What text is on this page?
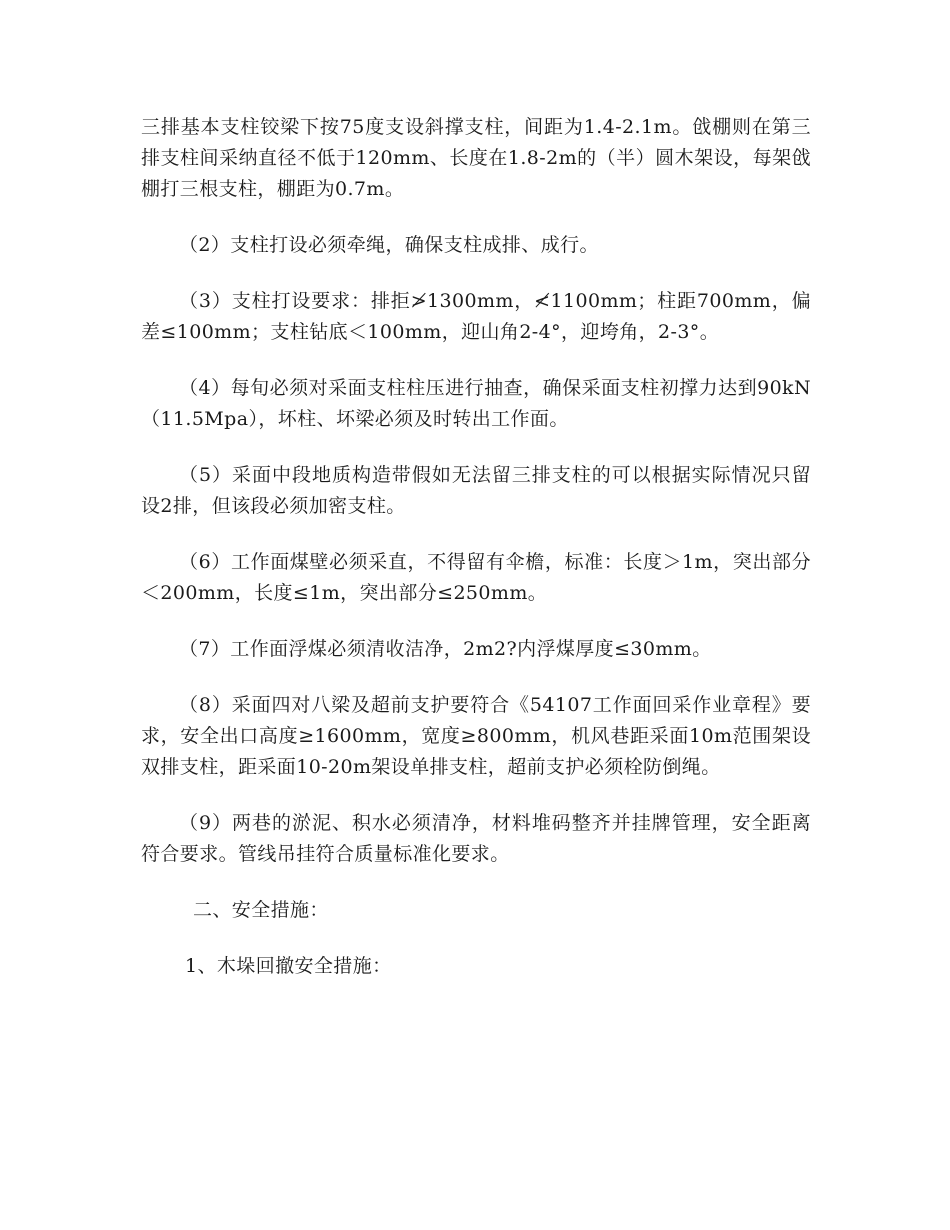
三排基本支柱铰梁下按75度支设斜撑支柱，间距为1.4-2.1m。戗棚则在第三排支柱间采纳直径不低于120mm、长度在1.8-2m的（半）圆木架设，每架戗棚打三根支柱，棚距为0.7m。

（2）支柱打设必须牵绳，确保支柱成排、成行。

（3）支柱打设要求：排拒≯1300mm，≮1100mm；柱距700mm，偏差≤100mm；支柱钻底＜100mm，迎山角2-4°，迎垮角，2-3°。

（4）每旬必须对采面支柱柱压进行抽查，确保采面支柱初撑力达到90kN（11.5Mpa），坏柱、坏梁必须及时转出工作面。

（5）采面中段地质构造带假如无法留三排支柱的可以根据实际情况只留设2排，但该段必须加密支柱。

（6）工作面煤壁必须采直，不得留有伞檐，标准：长度＞1m，突出部分＜200mm，长度≤1m，突出部分≤250mm。

（7）工作面浮煤必须清收洁净，2m2?内浮煤厚度≤30mm。

（8）采面四对八梁及超前支护要符合《54107工作面回采作业章程》要求，安全出口高度≥1600mm，宽度≥800mm，机风巷距采面10m范围架设双排支柱，距采面10-20m架设单排支柱，超前支护必须栓防倒绳。

（9）两巷的淤泥、积水必须清净，材料堆码整齐并挂牌管理，安全距离符合要求。管线吊挂符合质量标准化要求。

二、安全措施：

1、木垛回撤安全措施：
